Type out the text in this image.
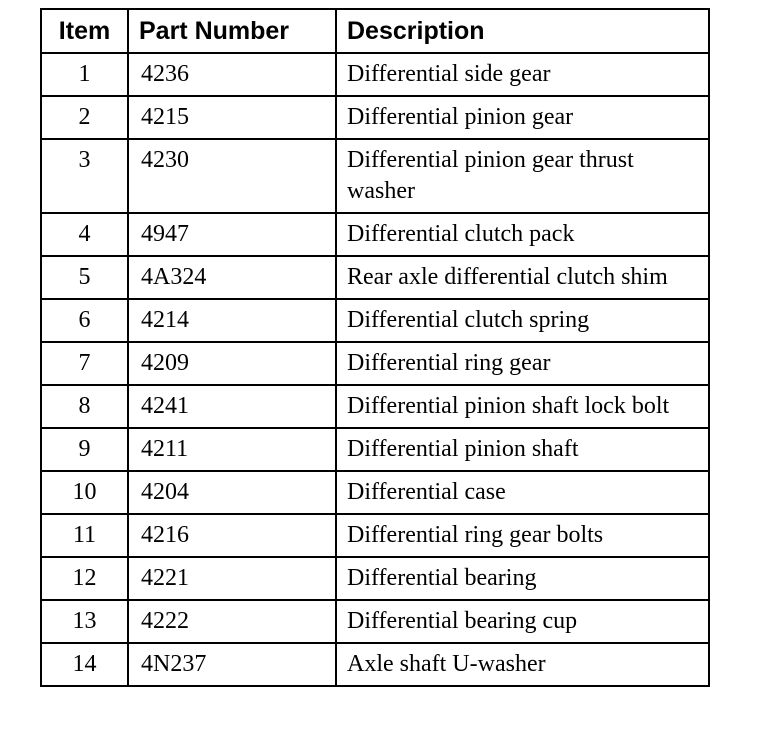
Item	Part Number	Description
1	4236	Differential side gear
2	4215	Differential pinion gear
3	4230	Differential pinion gear thrust washer
4	4947	Differential clutch pack
5	4A324	Rear axle differential clutch shim
6	4214	Differential clutch spring
7	4209	Differential ring gear
8	4241	Differential pinion shaft lock bolt
9	4211	Differential pinion shaft
10	4204	Differential case
11	4216	Differential ring gear bolts
12	4221	Differential bearing
13	4222	Differential bearing cup
14	4N237	Axle shaft U-washer
